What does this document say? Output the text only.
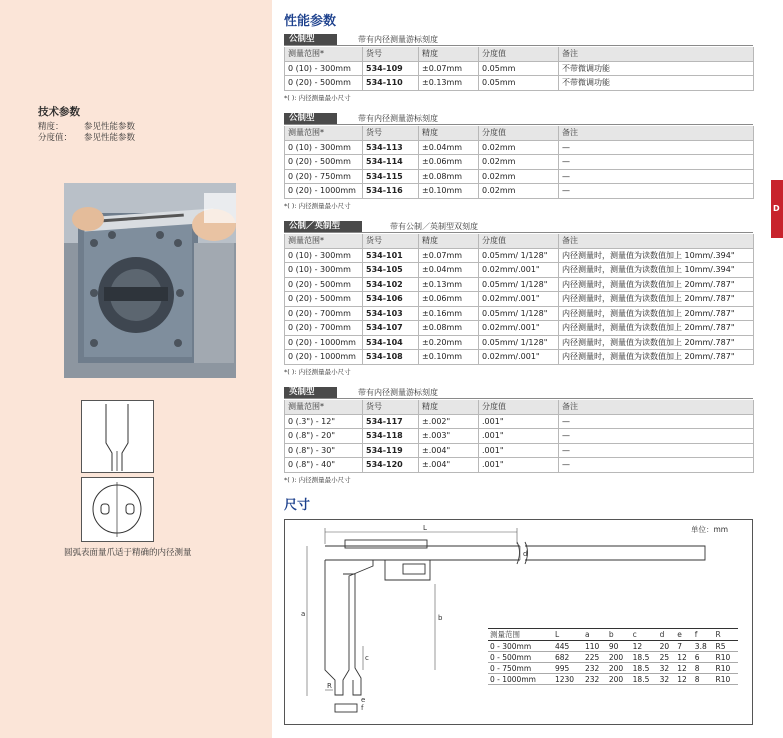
技术参数
精度： 参见性能参数
分度值： 参见性能参数
圆弧表面量爪适于精确的内径测量
D
性能参数
公制型	带有内径测量游标刻度
测量范围*	货号	精度	分度值	备注
0 (10) - 300mm	534-109	±0.07mm	0.05mm	不带微调功能
0 (20) - 500mm	534-110	±0.13mm	0.05mm	不带微调功能
*( ): 内径测量最小尺寸
公制型	带有内径测量游标刻度
测量范围*	货号	精度	分度值	备注
0 (10) - 300mm	534-113	±0.04mm	0.02mm	—
0 (20) - 500mm	534-114	±0.06mm	0.02mm	—
0 (20) - 750mm	534-115	±0.08mm	0.02mm	—
0 (20) - 1000mm	534-116	±0.10mm	0.02mm	—
*( ): 内径测量最小尺寸
公制／英制型	带有公制／英制型双刻度
测量范围*	货号	精度	分度值	备注
0 (10) - 300mm	534-101	±0.07mm	0.05mm/ 1/128"	内径测量时，测量值为读数值加上 10mm/.394"
0 (10) - 300mm	534-105	±0.04mm	0.02mm/.001"	内径测量时，测量值为读数值加上 10mm/.394"
0 (20) - 500mm	534-102	±0.13mm	0.05mm/ 1/128"	内径测量时，测量值为读数值加上 20mm/.787"
0 (20) - 500mm	534-106	±0.06mm	0.02mm/.001"	内径测量时，测量值为读数值加上 20mm/.787"
0 (20) - 700mm	534-103	±0.16mm	0.05mm/ 1/128"	内径测量时，测量值为读数值加上 20mm/.787"
0 (20) - 700mm	534-107	±0.08mm	0.02mm/.001"	内径测量时，测量值为读数值加上 20mm/.787"
0 (20) - 1000mm	534-104	±0.20mm	0.05mm/ 1/128"	内径测量时，测量值为读数值加上 20mm/.787"
0 (20) - 1000mm	534-108	±0.10mm	0.02mm/.001"	内径测量时，测量值为读数值加上 20mm/.787"
*( ): 内径测量最小尺寸
英制型	带有内径测量游标刻度
测量范围*	货号	精度	分度值	备注
0 (.3") - 12"	534-117	±.002"	.001"	—
0 (.8") - 20"	534-118	±.003"	.001"	—
0 (.8") - 30"	534-119	±.004"	.001"	—
0 (.8") - 40"	534-120	±.004"	.001"	—
*( ): 内径测量最小尺寸
尺寸
L
d
a	b
c
R
e
f
单位：mm
测量范围	L	a	b	c	d	e	f	R
0 - 300mm	445	110	90	12	20	7	3.8	R5
0 - 500mm	682	225	200	18.5	25	12	6	R10
0 - 750mm	995	232	200	18.5	32	12	8	R10
0 - 1000mm	1230	232	200	18.5	32	12	8	R10
